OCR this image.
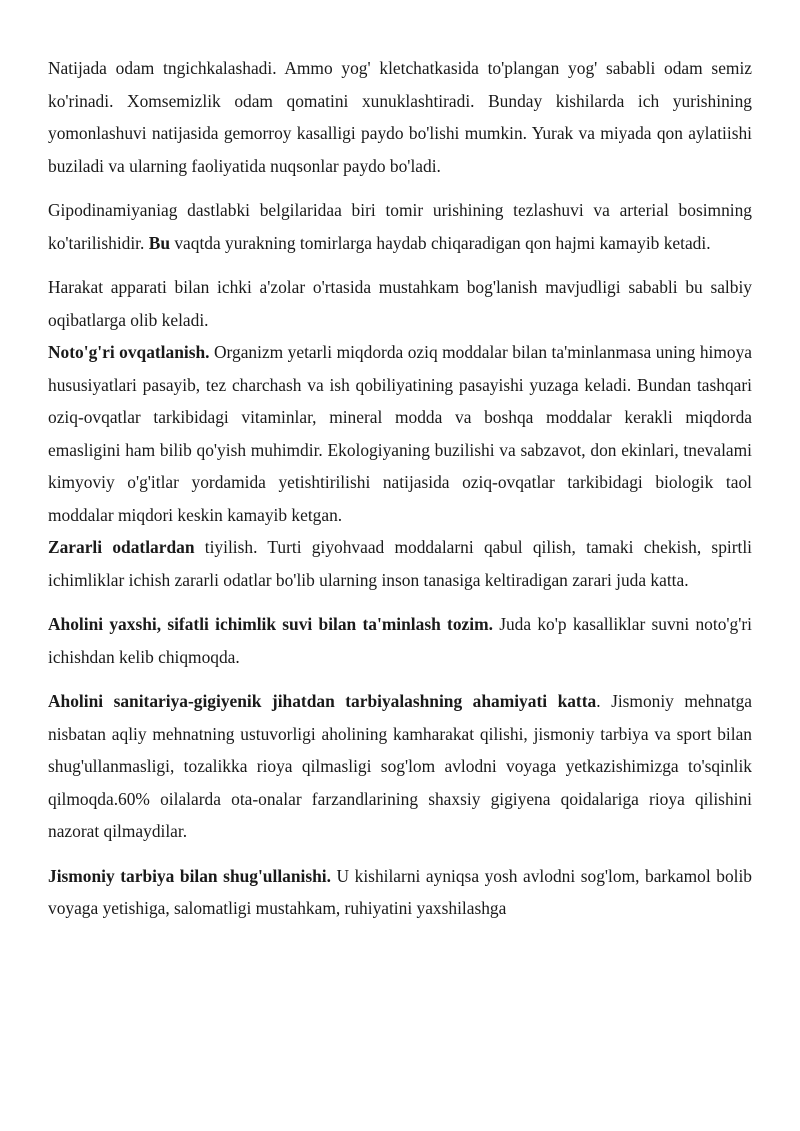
Natijada odam tngichkalashadi. Ammo yog' kletchatkasida to'plangan yog' sababli odam semiz ko'rinadi. Xomsemizlik odam qomatini xunuklashtiradi. Bunday kishilarda ich yurishining yomonlashuvi natijasida gemorroy kasalligi paydo bo'lishi mumkin. Yurak va miyada qon aylatiishi buziladi va ularning faoliyatida nuqsonlar paydo bo'ladi.

Gipodinamiyaniag dastlabki belgilaridaa biri tomir urishining tezlashuvi va arterial bosimning ko'tarilishidir. Bu vaqtda yurakning tomirlarga haydab chiqaradigan qon hajmi kamayib ketadi.

Harakat apparati bilan ichki a'zolar o'rtasida mustahkam bog'lanish mavjudligi sababli bu salbiy oqibatlarga olib keladi.

Noto'g'ri ovqatlanish. Organizm yetarli miqdorda oziq moddalar bilan ta'minlanmasa uning himoya hususiyatlari pasayib, tez charchash va ish qobiliyatining pasayishi yuzaga keladi. Bundan tashqari oziq-ovqatlar tarkibidagi vitaminlar, mineral modda va boshqa moddalar kerakli miqdorda emasligini ham bilib qo'yish muhimdir. Ekologiyaning buzilishi va sabzavot, don ekinlari, tnevalami kimyoviy o'g'itlar yordamida yetishtirilishi natijasida oziq-ovqatlar tarkibidagi biologik taol moddalar miqdori keskin kamayib ketgan.

Zararli odatlardan tiyilish. Turti giyohvaad moddalarni qabul qilish, tamaki chekish, spirtli ichimliklar ichish zararli odatlar bo'lib ularning inson tanasiga keltiradigan zarari juda katta.

Aholini yaxshi, sifatli ichimlik suvi bilan ta'minlash tozim. Juda ko'p kasalliklar suvni noto'g'ri ichishdan kelib chiqmoqda.

Aholini sanitariya-gigiyenik jihatdan tarbiyalashning ahamiyati katta. Jismoniy mehnatga nisbatan aqliy mehnatning ustuvorligi aholining kamharakat qilishi, jismoniy tarbiya va sport bilan shug'ullanmasligi, tozalikka rioya qilmasligi sog'lom avlodni voyaga yetkazishimizga to'sqinlik qilmoqda.60% oilalarda ota-onalar farzandlarining shaxsiy gigiyena qoidalariga rioya qilishini nazorat qilmaydilar.

Jismoniy tarbiya bilan shug'ullanishi. U kishilarni ayniqsa yosh avlodni sog'lom, barkamol bolib voyaga yetishiga, salomatligi mustahkam, ruhiyatini yaxshilashga
